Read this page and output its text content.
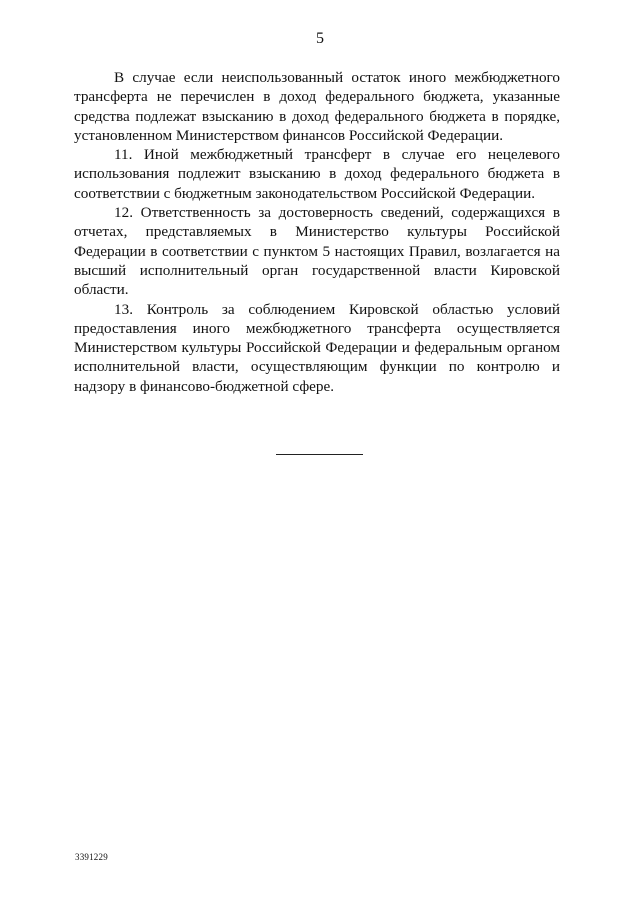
5

В случае если неиспользованный остаток иного межбюджетного трансферта не перечислен в доход федерального бюджета, указанные средства подлежат взысканию в доход федерального бюджета в порядке, установленном Министерством финансов Российской Федерации.

11. Иной межбюджетный трансферт в случае его нецелевого использования подлежит взысканию в доход федерального бюджета в соответствии с бюджетным законодательством Российской Федерации.

12. Ответственность за достоверность сведений, содержащихся в отчетах, представляемых в Министерство культуры Российской Федерации в соответствии с пунктом 5 настоящих Правил, возлагается на высший исполнительный орган государственной власти Кировской области.

13. Контроль за соблюдением Кировской областью условий предоставления иного межбюджетного трансферта осуществляется Министерством культуры Российской Федерации и федеральным органом исполнительной власти, осуществляющим функции по контролю и надзору в финансово-бюджетной сфере.

3391229
